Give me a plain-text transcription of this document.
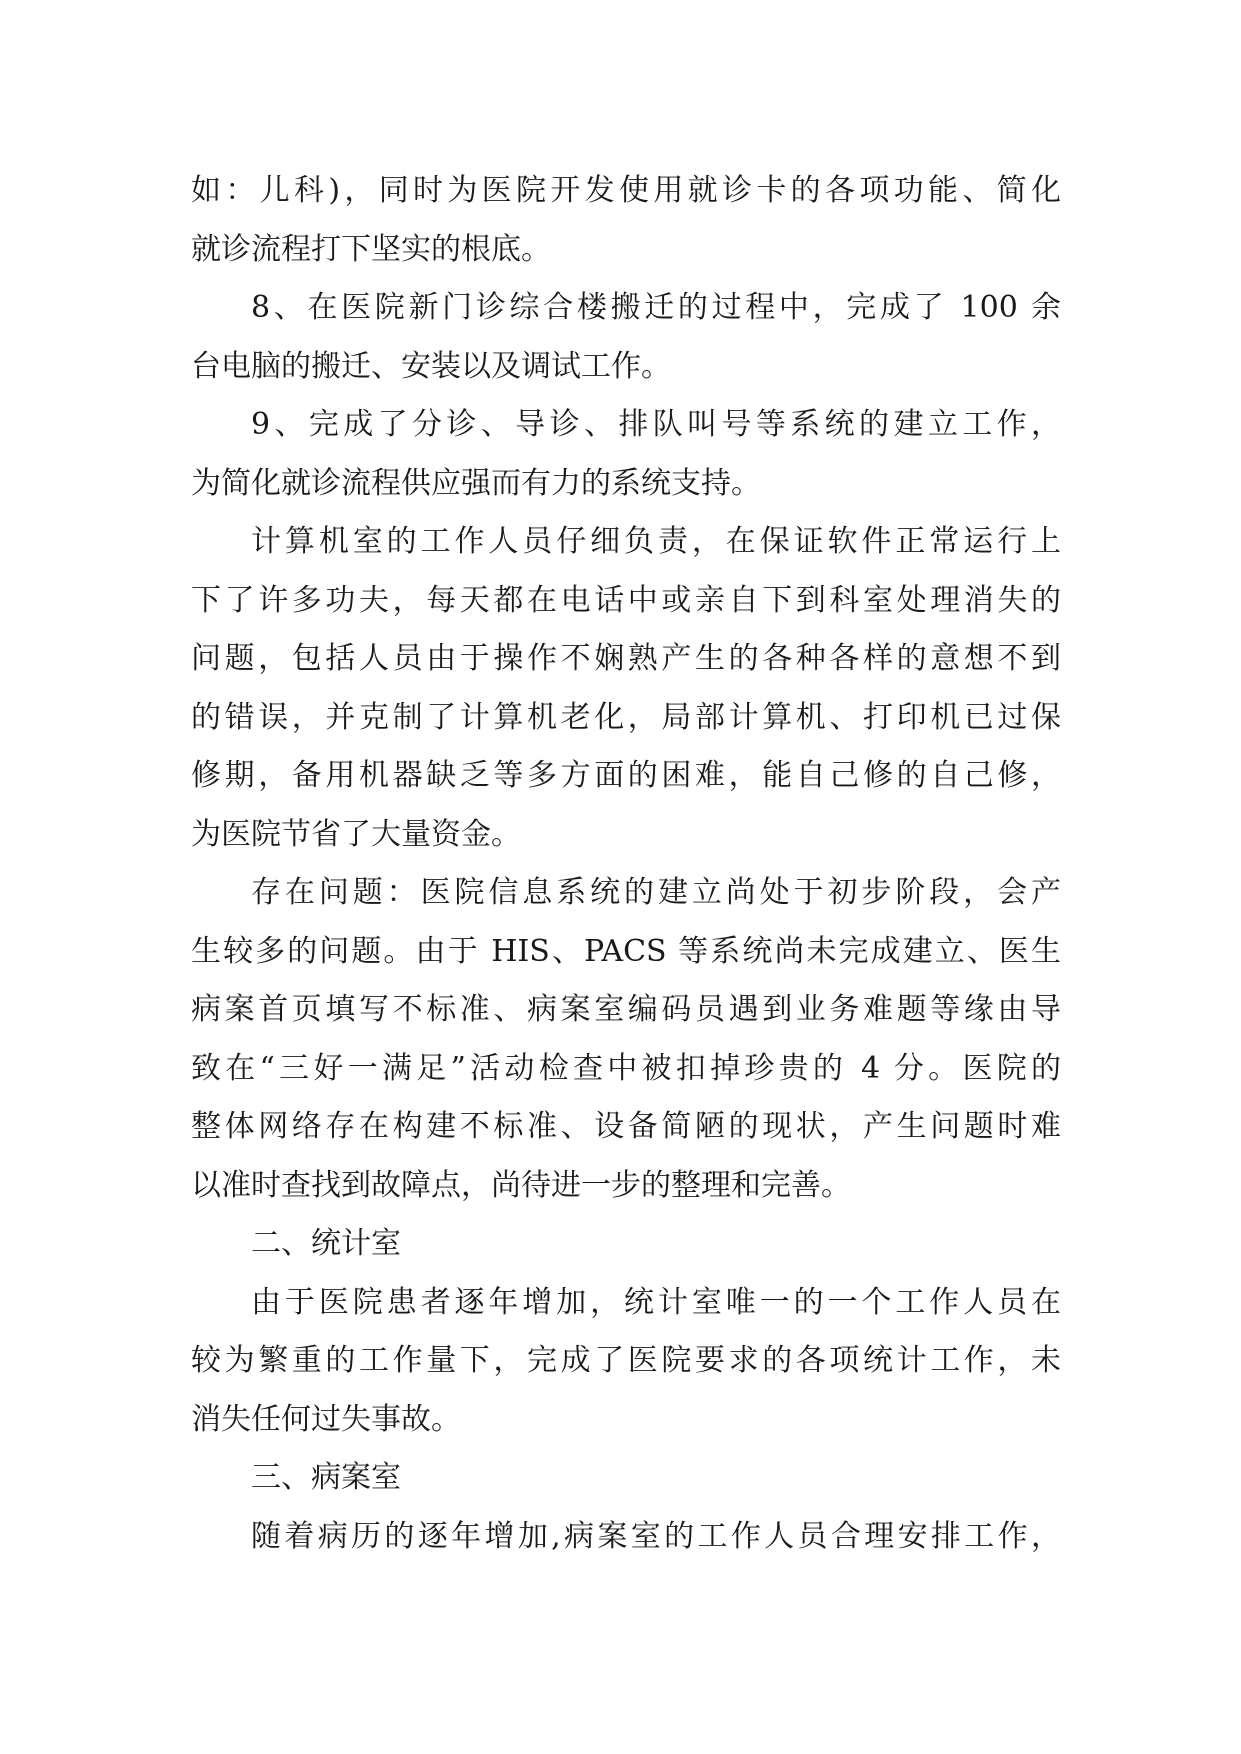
如：儿科)，同时为医院开发使用就诊卡的各项功能、简化
就诊流程打下坚实的根底。
8、在医院新门诊综合楼搬迁的过程中，完成了 100 余
台电脑的搬迁、安装以及调试工作。
9、完成了分诊、导诊、排队叫号等系统的建立工作，
为简化就诊流程供应强而有力的系统支持。
计算机室的工作人员仔细负责，在保证软件正常运行上
下了许多功夫，每天都在电话中或亲自下到科室处理消失的
问题，包括人员由于操作不娴熟产生的各种各样的意想不到
的错误，并克制了计算机老化，局部计算机、打印机已过保
修期，备用机器缺乏等多方面的困难，能自己修的自己修，
为医院节省了大量资金。
存在问题：医院信息系统的建立尚处于初步阶段，会产
生较多的问题。由于 HIS、PACS 等系统尚未完成建立、医生
病案首页填写不标准、病案室编码员遇到业务难题等缘由导
致在“三好一满足”活动检查中被扣掉珍贵的 4 分。医院的
整体网络存在构建不标准、设备简陋的现状，产生问题时难
以准时查找到故障点，尚待进一步的整理和完善。
二、统计室
由于医院患者逐年增加，统计室唯一的一个工作人员在
较为繁重的工作量下，完成了医院要求的各项统计工作，未
消失任何过失事故。
三、病案室
随着病历的逐年增加,病案室的工作人员合理安排工作，
